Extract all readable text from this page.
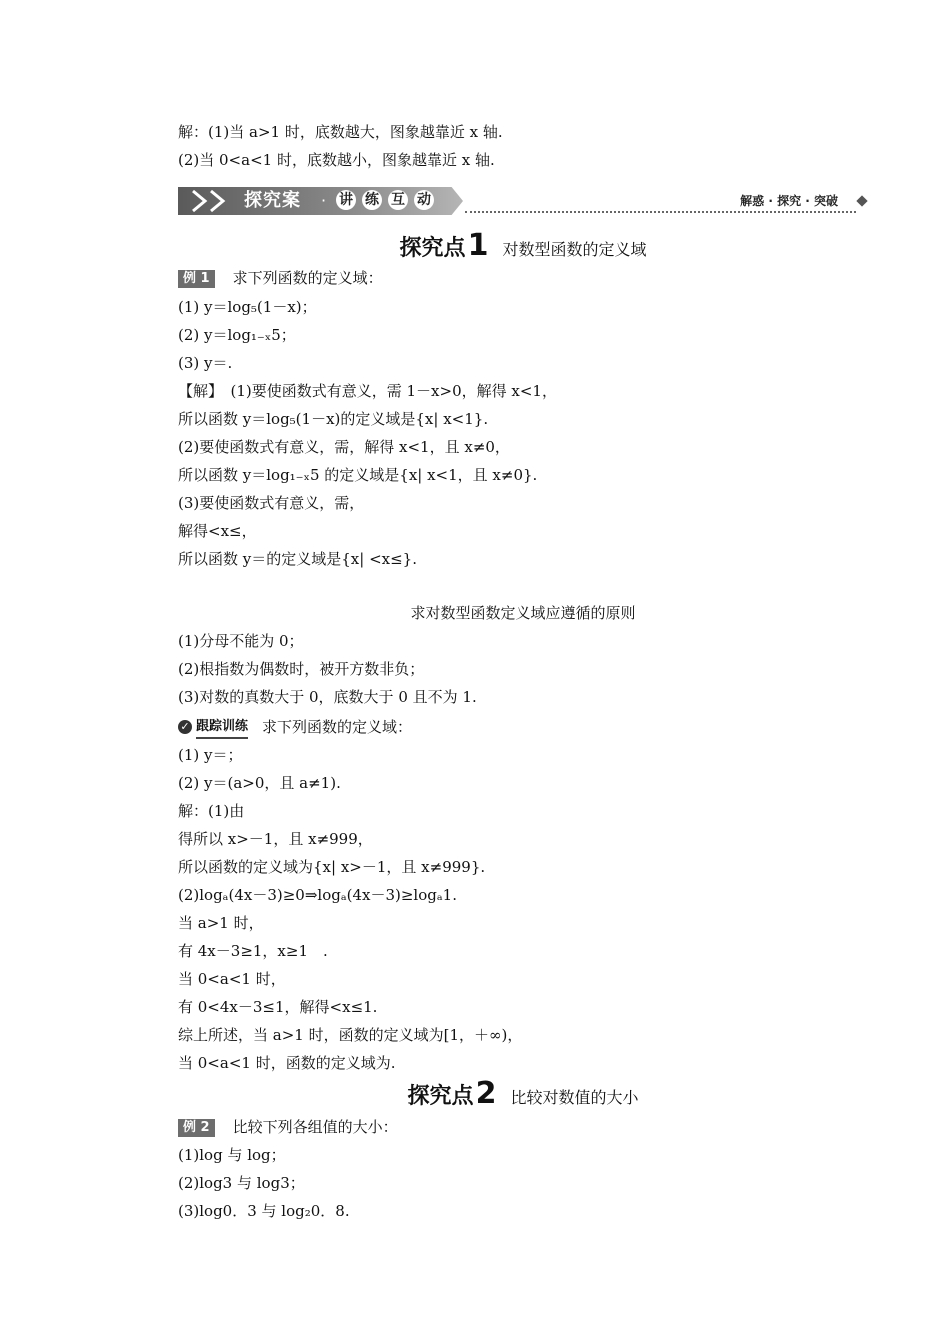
解：(1)当 a>1 时，底数越大，图象越靠近 x 轴.
(2)当 0<a<1 时，底数越小，图象越靠近 x 轴.
探究案 · 讲 练 互 动	解惑 · 探究 · 突破
探究点1 对数型函数的定义域
例 1 求下列函数的定义域：
(1) y＝log₅(1－x)；
(2) y＝log₁₋ₓ5；
(3) y＝.
【解】　(1)要使函数式有意义，需 1－x>0，解得 x<1，
所以函数 y＝log₅(1－x)的定义域是{x| x<1}.
(2)要使函数式有意义，需，解得 x<1，且 x≠0，
所以函数 y＝log₁₋ₓ5 的定义域是{x| x<1，且 x≠0}.
(3)要使函数式有意义，需，
解得<x≤，
所以函数 y＝的定义域是{x| <x≤}.
求对数型函数定义域应遵循的原则
(1)分母不能为 0；
(2)根指数为偶数时，被开方数非负；
(3)对数的真数大于 0，底数大于 0 且不为 1.
✓ 跟踪训练 求下列函数的定义域：
(1) y＝；
(2) y＝(a>0，且 a≠1).
解：(1)由
得所以 x>－1，且 x≠999，
所以函数的定义域为{x| x>－1，且 x≠999}.
(2)logₐ(4x－3)≥0⇒logₐ(4x－3)≥logₐ1.
当 a>1 时，
有 4x－3≥1，x≥1　.
当 0<a<1 时，
有 0<4x－3≤1，解得<x≤1.
综上所述，当 a>1 时，函数的定义域为[1，＋∞)，
当 0<a<1 时，函数的定义域为.
探究点2 比较对数值的大小
例 2 比较下列各组值的大小：
(1)log 与 log；
(2)log3 与 log3；
(3)log0．3 与 log₂0．8.
